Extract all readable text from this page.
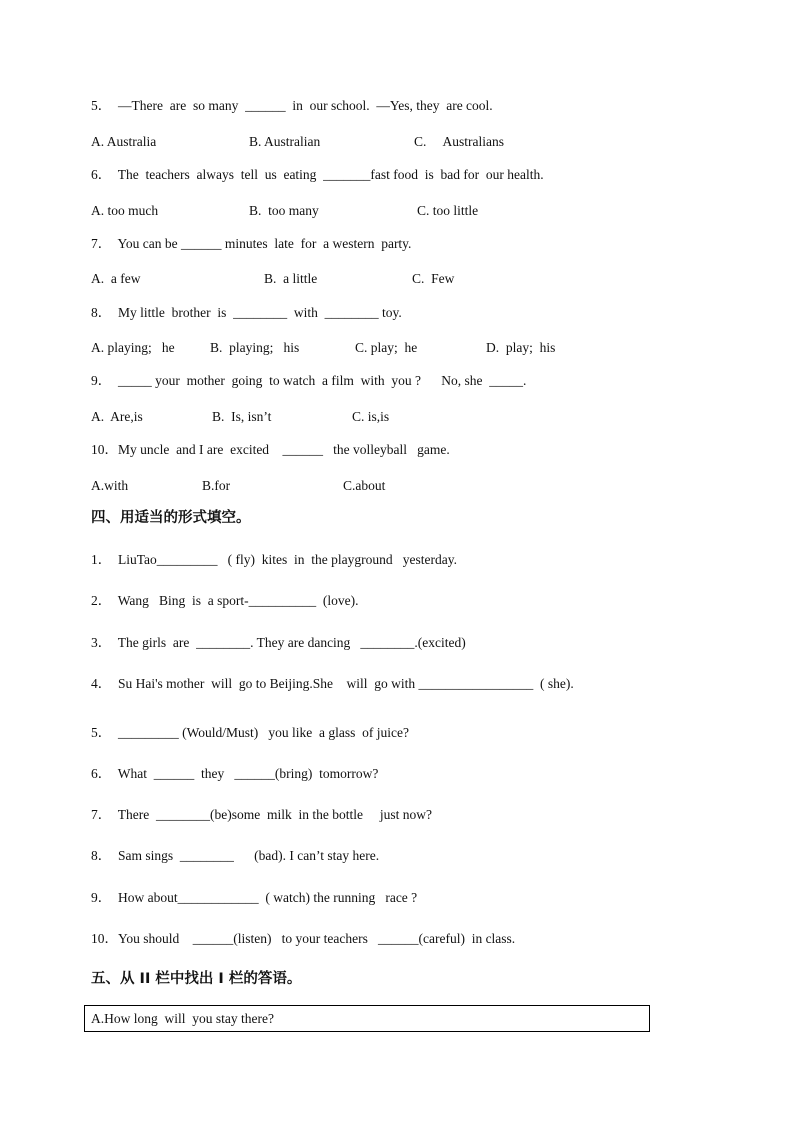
5．  —There  are  so many  ______  in  our school.  —Yes, they  are cool.
A. Australia	B. Australian	C.     Australians
6．  The  teachers  always  tell  us  eating  _______fast food  is  bad for  our health.
A. too much	B.  too many	C. too little
7．  You can be ______ minutes  late  for  a western  party.
A.  a few	B.  a little	C.  Few
8．  My little  brother  is  ________  with  ________ toy.
A. playing;   he	B.  playing;   his	C. play;  he	D.  play;  his
9．  _____ your  mother  going  to watch  a film  with  you ?      No, she  _____.
A.  Are,is	B.  Is, isn’t	C. is,is
10．My uncle  and I are  excited    ______   the volleyball   game.
A.with	B.for	C.about
四、用适当的形式填空。
1．  LiuTao_________   ( fly)  kites  in  the playground   yesterday.
2．  Wang   Bing  is  a sport-__________  (love).
3．  The girls  are  ________. They are dancing   ________.(excited)
4．  Su Hai's mother  will  go to Beijing.She    will  go with _________________  ( she).
5．  _________ (Would/Must)   you like  a glass  of juice?
6．  What  ______  they   ______(bring)  tomorrow?
7．  There  ________(be)some  milk  in the bottle     just now?
8．  Sam sings  ________      (bad). I can’t stay here.
9．  How about____________  ( watch) the running   race ?
10．You should    ______(listen)   to your teachers   ______(careful)  in class.
五、从 II 栏中找出 I 栏的答语。
A.How long  will  you stay there?
